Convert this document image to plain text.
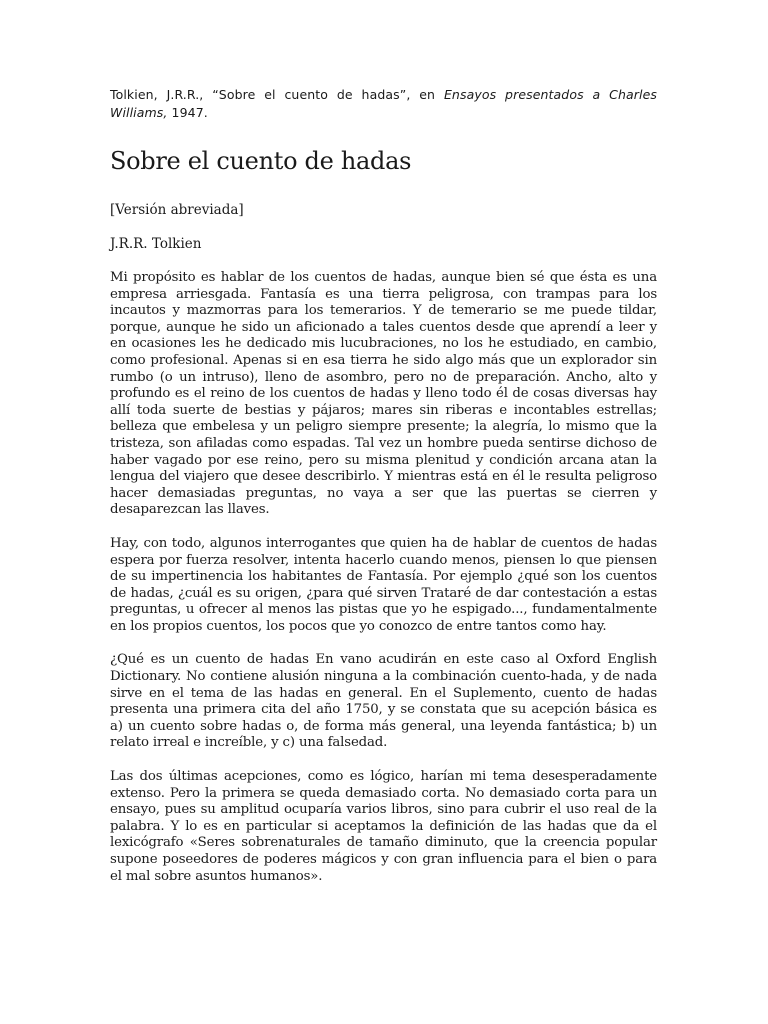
Tolkien, J.R.R., “Sobre el cuento de hadas”, en Ensayos presentados a Charles Williams, 1947.

Sobre el cuento de hadas

[Versión abreviada]

J.R.R. Tolkien

Mi propósito es hablar de los cuentos de hadas, aunque bien sé que ésta es una empresa arriesgada. Fantasía es una tierra peligrosa, con trampas para los incautos y mazmorras para los temerarios. Y de temerario se me puede tildar, porque, aunque he sido un aficionado a tales cuentos desde que aprendí a leer y en ocasiones les he dedicado mis lucubraciones, no los he estudiado, en cambio, como profesional. Apenas si en esa tierra he sido algo más que un explorador sin rumbo (o un intruso), lleno de asombro, pero no de preparación. Ancho, alto y profundo es el reino de los cuentos de hadas y lleno todo él de cosas diversas hay allí toda suerte de bestias y pájaros; mares sin riberas e incontables estrellas; belleza que embelesa y un peligro siempre presente; la alegría, lo mismo que la tristeza, son afiladas como espadas. Tal vez un hombre pueda sentirse dichoso de haber vagado por ese reino, pero su misma plenitud y condición arcana atan la lengua del viajero que desee describirlo. Y mientras está en él le resulta peligroso hacer demasiadas preguntas, no vaya a ser que las puertas se cierren y desaparezcan las llaves.

Hay, con todo, algunos interrogantes que quien ha de hablar de cuentos de hadas espera por fuerza resolver, intenta hacerlo cuando menos, piensen lo que piensen de su impertinencia los habitantes de Fantasía. Por ejemplo ¿qué son los cuentos de hadas, ¿cuál es su origen, ¿para qué sirven Trataré de dar contestación a estas preguntas, u ofrecer al menos las pistas que yo he espigado..., fundamentalmente en los propios cuentos, los pocos que yo conozco de entre tantos como hay.

¿Qué es un cuento de hadas En vano acudirán en este caso al Oxford English Dictionary. No contiene alusión ninguna a la combinación cuento-hada, y de nada sirve en el tema de las hadas en general. En el Suplemento, cuento de hadas presenta una primera cita del año 1750, y se constata que su acepción básica es a) un cuento sobre hadas o, de forma más general, una leyenda fantástica; b) un relato irreal e increíble, y c) una falsedad.

Las dos últimas acepciones, como es lógico, harían mi tema desesperadamente extenso. Pero la primera se queda demasiado corta. No demasiado corta para un ensayo, pues su amplitud ocuparía varios libros, sino para cubrir el uso real de la palabra. Y lo es en particular si aceptamos la definición de las hadas que da el lexicógrafo «Seres sobrenaturales de tamaño diminuto, que la creencia popular supone poseedores de poderes mágicos y con gran influencia para el bien o para el mal sobre asuntos humanos».
